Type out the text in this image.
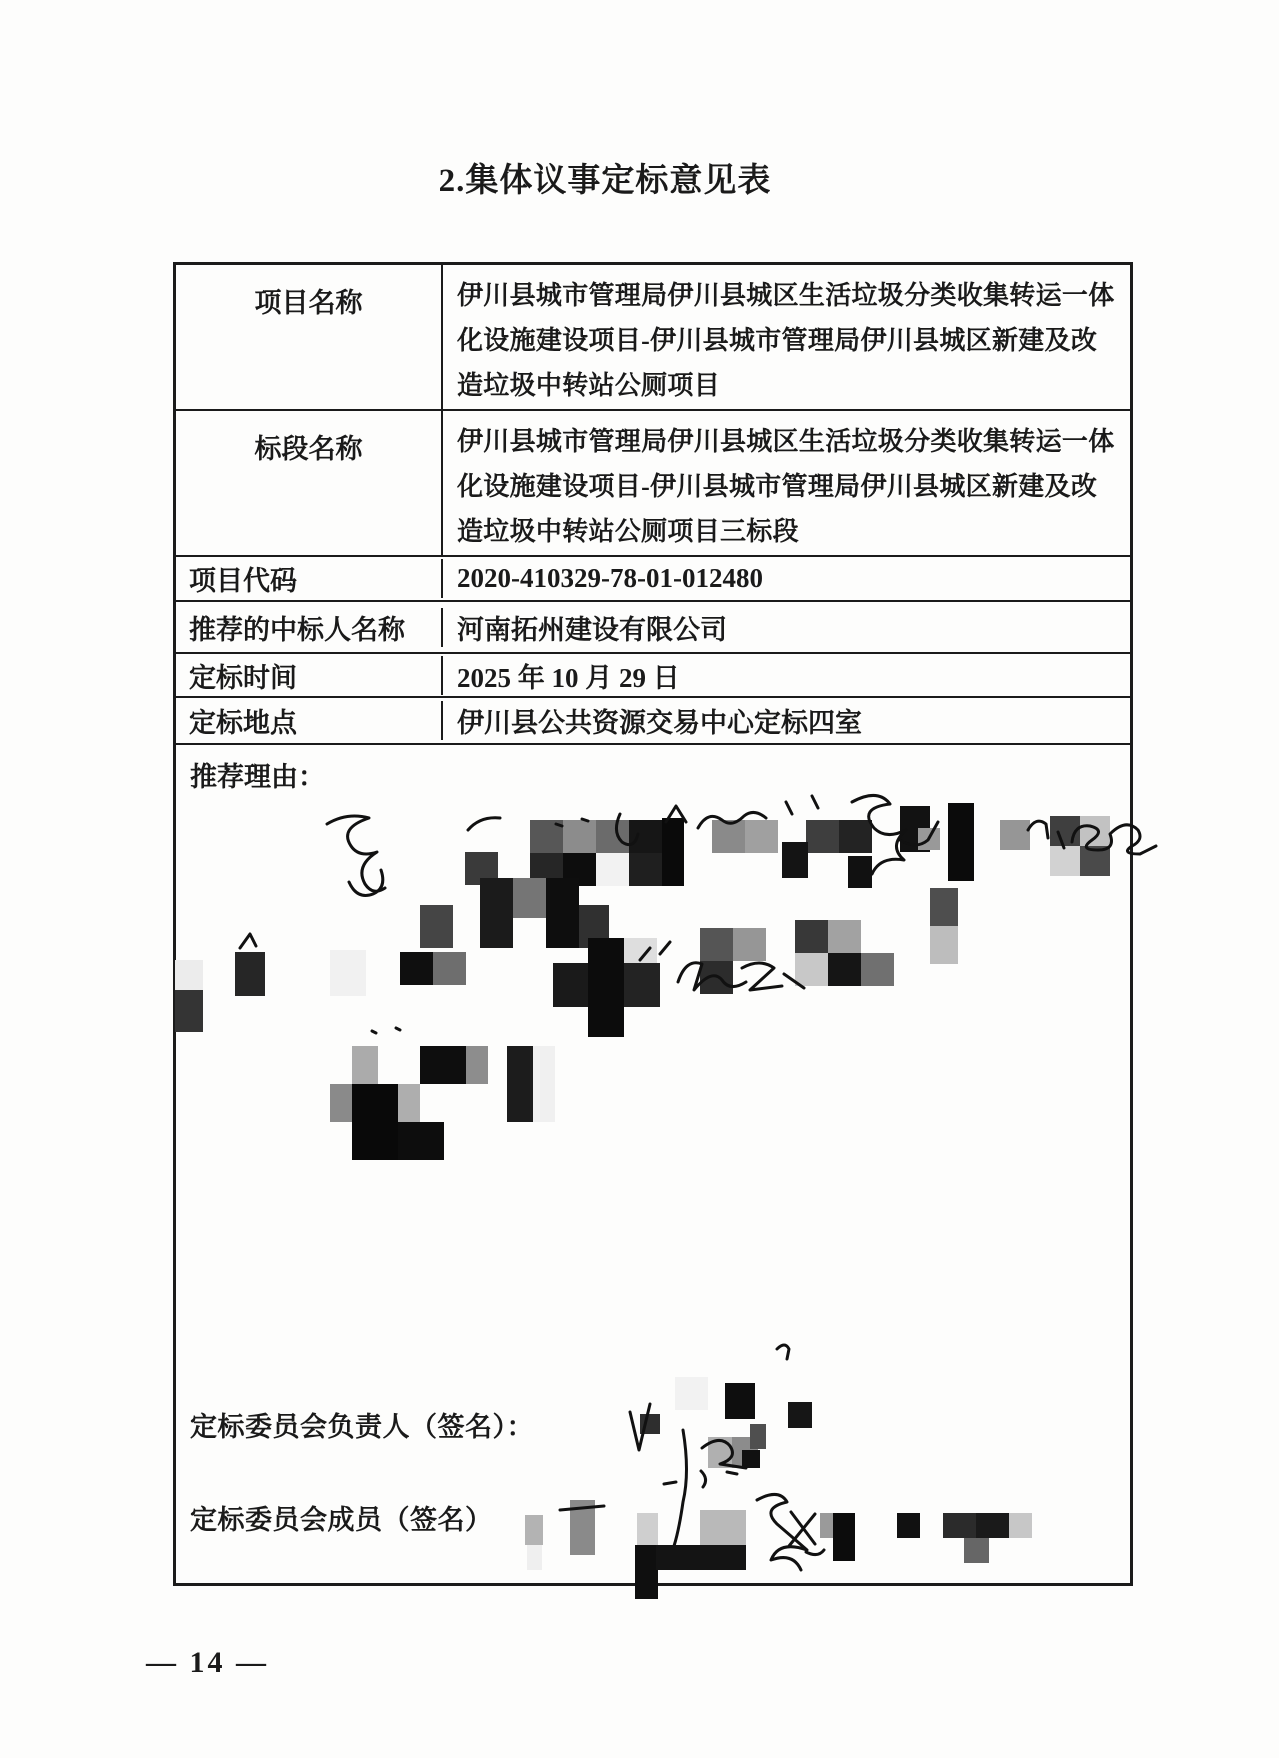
2.集体议事定标意见表
项目名称	伊川县城市管理局伊川县城区生活垃圾分类收集转运一体化设施建设项目-伊川县城市管理局伊川县城区新建及改造垃圾中转站公厕项目
标段名称	伊川县城市管理局伊川县城区生活垃圾分类收集转运一体化设施建设项目-伊川县城市管理局伊川县城区新建及改造垃圾中转站公厕项目三标段
项目代码	2020-410329-78-01-012480
推荐的中标人名称	河南拓州建设有限公司
定标时间	2025 年 10 月 29 日
定标地点	伊川县公共资源交易中心定标四室
推荐理由：
定标委员会负责人（签名）：
定标委员会成员（签名）
— 14 —
